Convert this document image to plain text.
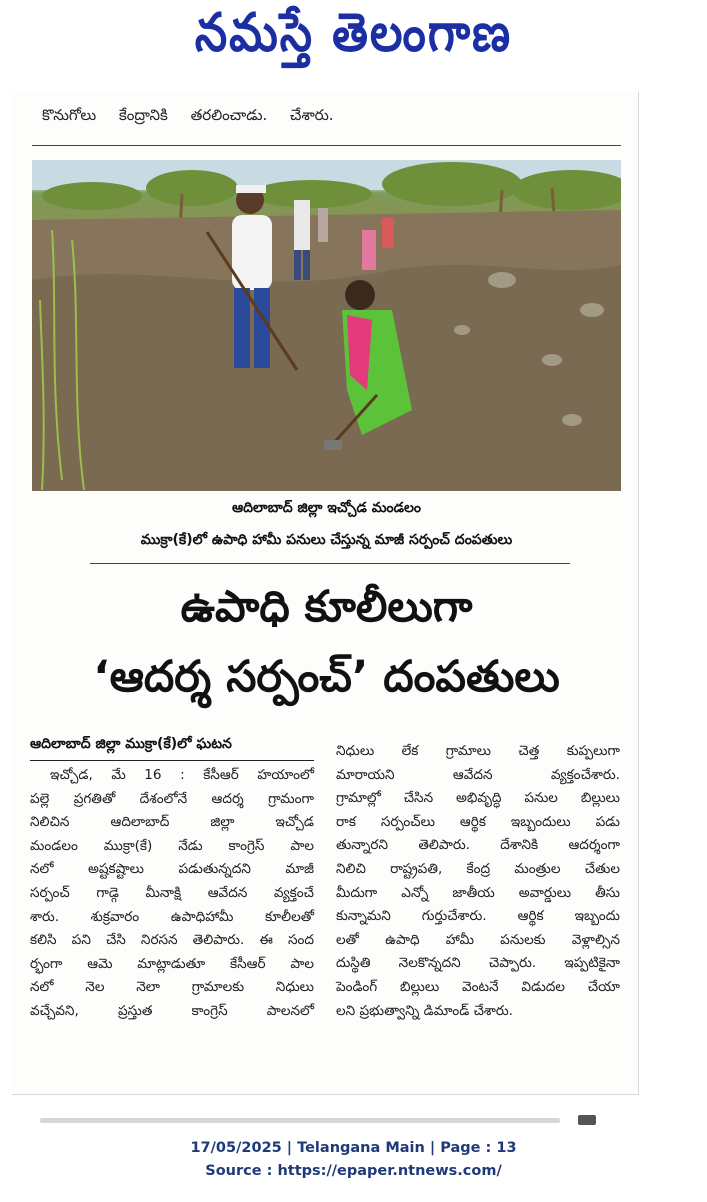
నమస్తే తెలంగాణ
కొనుగోలు కేంద్రానికి తరలించాడు. చేశారు.
ఆదిలాబాద్ జిల్లా ఇచ్చోడ మండలం
ముక్రా(కే)లో ఉపాధి హామీ పనులు చేస్తున్న మాజీ సర్పంచ్ దంపతులు
ఉపాధి కూలీలుగా
‘ఆదర్శ సర్పంచ్’ దంపతులు
ఆదిలాబాద్ జిల్లా ముక్రా(కే)లో ఘటన

ఇచ్చోడ, మే 16 : కేసీఆర్ హయాంలో

పల్లె ప్రగతితో దేశంలోనే ఆదర్శ గ్రామంగా

నిలిచిన ఆదిలాబాద్ జిల్లా ఇచ్చోడ

మండలం ముక్రా(కే) నేడు కాంగ్రెస్ పాల

నలో అష్టకష్టాలు పడుతున్నదని మాజీ

సర్పంచ్ గాడ్గె మీనాక్షి ఆవేదన వ్యక్తంచే

శారు. శుక్రవారం ఉపాధిహామీ కూలీలతో

కలిసి పని చేసి నిరసన తెలిపారు. ఈ సంద

ర్భంగా ఆమె మాట్లాడుతూ కేసీఆర్ పాల

నలో నెల నెలా గ్రామాలకు నిధులు

వచ్చేవని, ప్రస్తుత కాంగ్రెస్ పాలనలో

నిధులు లేక గ్రామాలు చెత్త కుప్పలుగా

మారాయని ఆవేదన వ్యక్తంచేశారు.

గ్రామాల్లో చేసిన అభివృద్ధి పనుల బిల్లులు

రాక సర్పంచ్‌లు ఆర్థిక ఇబ్బందులు పడు

తున్నారని తెలిపారు. దేశానికి ఆదర్శంగా

నిలిచి రాష్ట్రపతి, కేంద్ర మంత్రుల చేతుల

మీదుగా ఎన్నో జాతీయ అవార్డులు తీసు

కున్నామని గుర్తుచేశారు. ఆర్థిక ఇబ్బందు

లతో ఉపాధి హామీ పనులకు వెళ్లాల్సిన

దుస్థితి నెలకొన్నదని చెప్పారు. ఇప్పటికైనా

పెండింగ్ బిల్లులు వెంటనే విడుదల చేయా

లని ప్రభుత్వాన్ని డిమాండ్ చేశారు.

17/05/2025 | Telangana Main | Page : 13
Source : https://epaper.ntnews.com/
